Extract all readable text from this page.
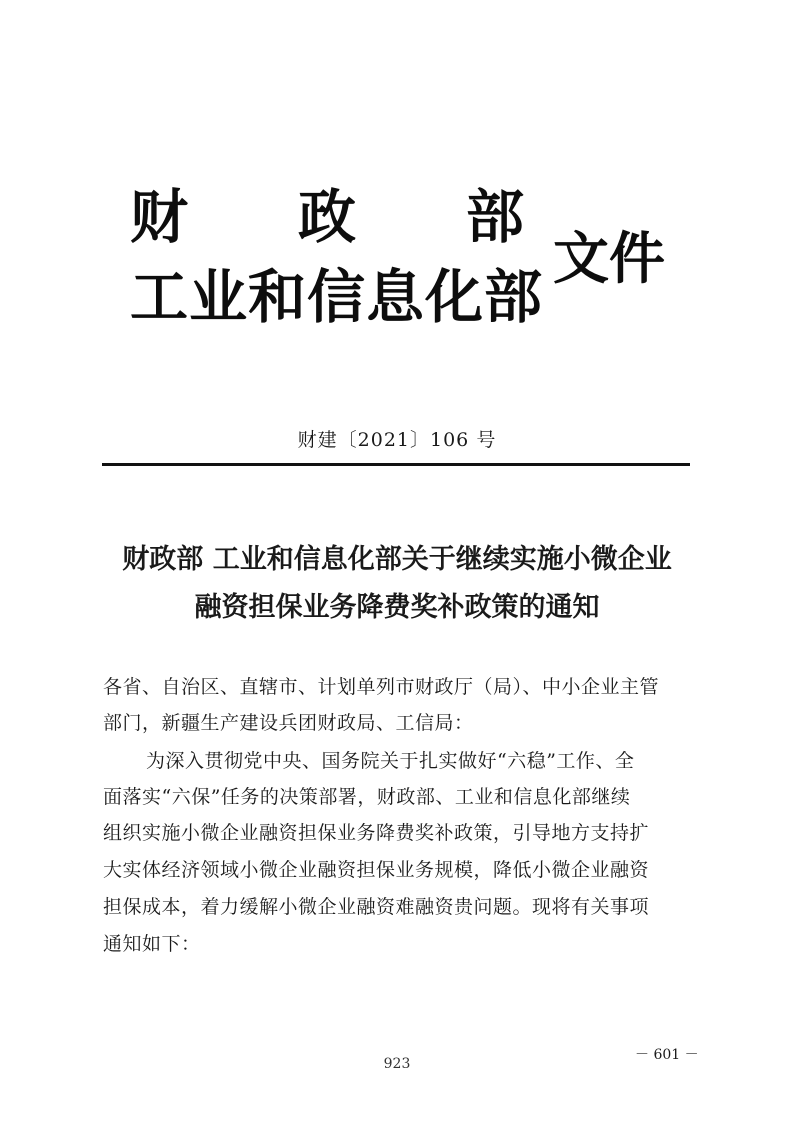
财 政 部
工业和信息化部
文件
财建〔2021〕106 号
财政部 工业和信息化部关于继续实施小微企业
融资担保业务降费奖补政策的通知
各省、自治区、直辖市、计划单列市财政厅（局）、中小企业主管
部门，新疆生产建设兵团财政局、工信局：
为深入贯彻党中央、国务院关于扎实做好“六稳”工作、全
面落实“六保”任务的决策部署，财政部、工业和信息化部继续
组织实施小微企业融资担保业务降费奖补政策，引导地方支持扩
大实体经济领域小微企业融资担保业务规模，降低小微企业融资
担保成本，着力缓解小微企业融资难融资贵问题。现将有关事项
通知如下：
－ 601 －
923
